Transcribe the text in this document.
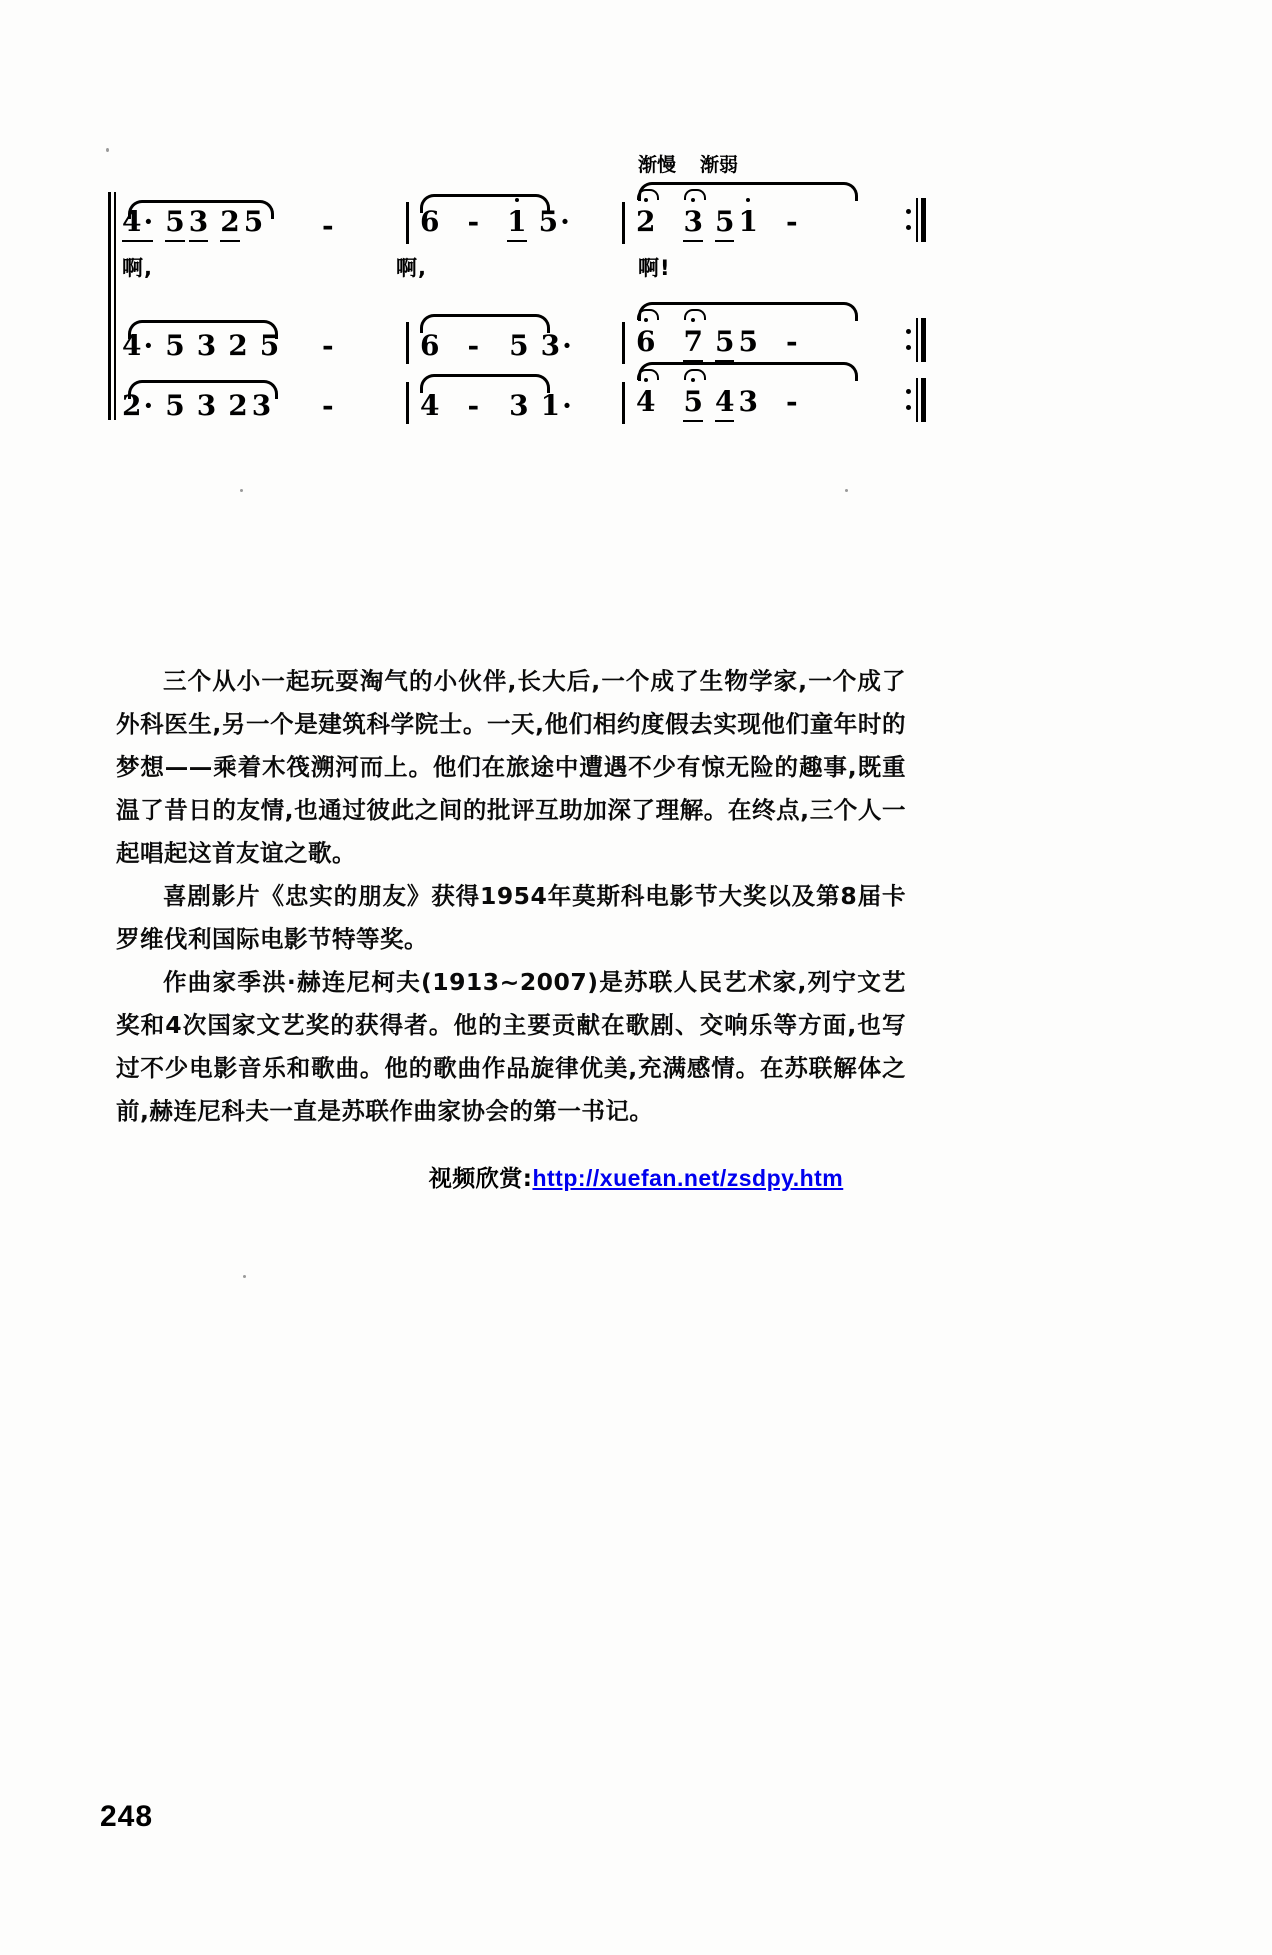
渐慢 渐弱
4 · 5 3 2 5	-	6 - 1 5 ·	2 3 5 1 -
啊,	啊,	啊!
4 · 5 3 2 5	-	6 - 5 3 ·	6 7 5 5 -
2 · 5 3 2 3	-	4 - 3 1 ·	4 5 4 3 -

三个从小一起玩耍淘气的小伙伴,长大后,一个成了生物学家,一个成了外科医生,另一个是建筑科学院士。一天,他们相约度假去实现他们童年时的梦想——乘着木筏溯河而上。他们在旅途中遭遇不少有惊无险的趣事,既重温了昔日的友情,也通过彼此之间的批评互助加深了理解。在终点,三个人一起唱起这首友谊之歌。

喜剧影片《忠实的朋友》获得1954年莫斯科电影节大奖以及第8届卡罗维伐利国际电影节特等奖。

作曲家季洪·赫连尼柯夫(1913~2007)是苏联人民艺术家,列宁文艺奖和4次国家文艺奖的获得者。他的主要贡献在歌剧、交响乐等方面,也写过不少电影音乐和歌曲。他的歌曲作品旋律优美,充满感情。在苏联解体之前,赫连尼科夫一直是苏联作曲家协会的第一书记。

视频欣赏:http://xuefan.net/zsdpy.htm
248
